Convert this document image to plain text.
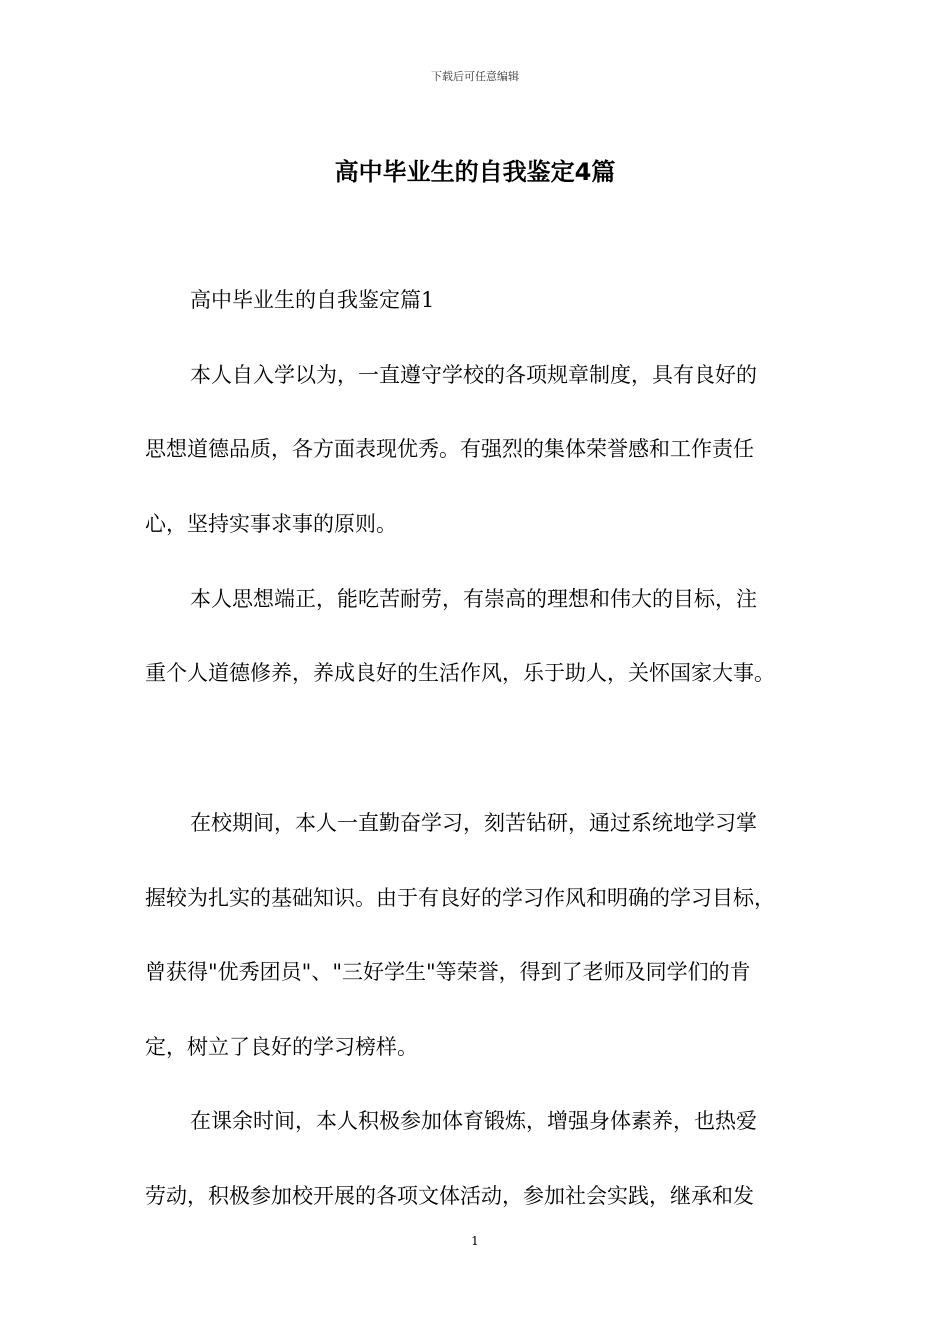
下载后可任意编辑
高中毕业生的自我鉴定4篇
高中毕业生的自我鉴定篇1
本人自入学以为，一直遵守学校的各项规章制度，具有良好的
思想道德品质，各方面表现优秀。有强烈的集体荣誉感和工作责任
心，坚持实事求事的原则。
本人思想端正，能吃苦耐劳，有崇高的理想和伟大的目标，注
重个人道德修养，养成良好的生活作风，乐于助人，关怀国家大事。
在校期间，本人一直勤奋学习，刻苦钻研，通过系统地学习掌
握较为扎实的基础知识。由于有良好的学习作风和明确的学习目标，
曾获得"优秀团员"、"三好学生"等荣誉，得到了老师及同学们的肯
定，树立了良好的学习榜样。
在课余时间，本人积极参加体育锻炼，增强身体素养，也热爱
劳动，积极参加校开展的各项文体活动，参加社会实践，继承和发
1
